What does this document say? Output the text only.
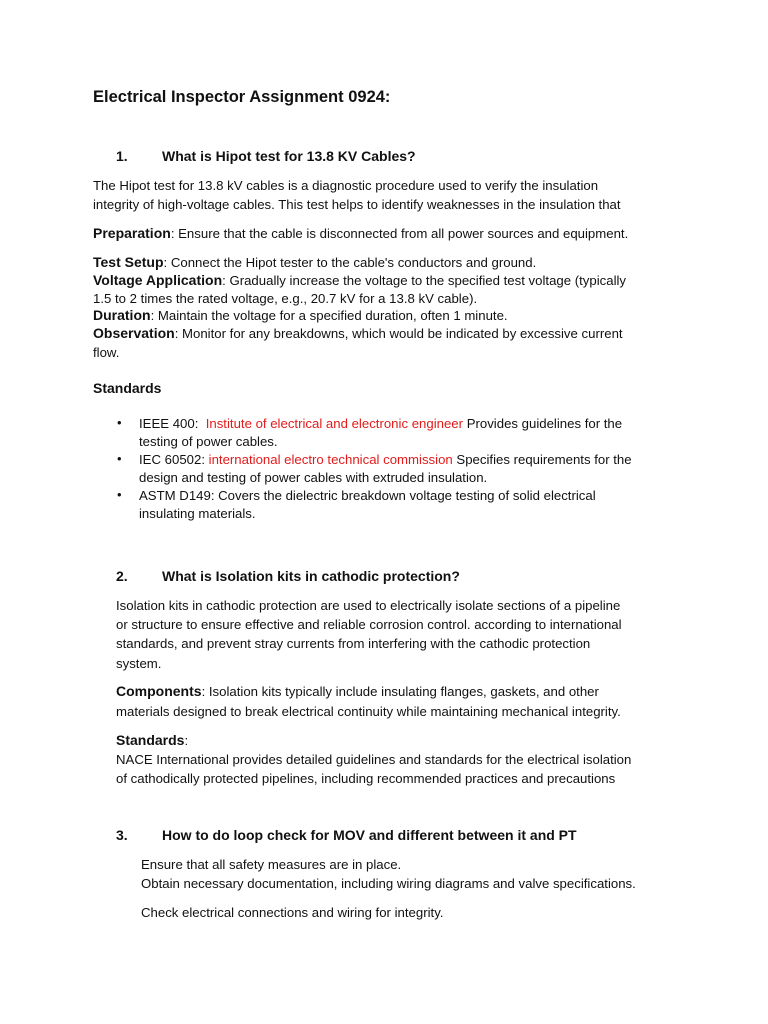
Electrical Inspector Assignment 0924:
1. What is Hipot test for 13.8 KV Cables?
The Hipot test for 13.8 kV cables is a diagnostic procedure used to verify the insulation
integrity of high-voltage cables. This test helps to identify weaknesses in the insulation that
Preparation: Ensure that the cable is disconnected from all power sources and equipment.
Test Setup: Connect the Hipot tester to the cable's conductors and ground.
Voltage Application: Gradually increase the voltage to the specified test voltage (typically
1.5 to 2 times the rated voltage, e.g., 20.7 kV for a 13.8 kV cable).
Duration: Maintain the voltage for a specified duration, often 1 minute.
Observation: Monitor for any breakdowns, which would be indicated by excessive current
flow.
Standards
• IEEE 400:  Institute of electrical and electronic engineer Provides guidelines for the
testing of power cables.
• IEC 60502: international electro technical commission Specifies requirements for the
design and testing of power cables with extruded insulation.
• ASTM D149: Covers the dielectric breakdown voltage testing of solid electrical
insulating materials.
2. What is Isolation kits in cathodic protection?
Isolation kits in cathodic protection are used to electrically isolate sections of a pipeline
or structure to ensure effective and reliable corrosion control. according to international
standards, and prevent stray currents from interfering with the cathodic protection
system.
Components: Isolation kits typically include insulating flanges, gaskets, and other
materials designed to break electrical continuity while maintaining mechanical integrity.
Standards:
NACE International provides detailed guidelines and standards for the electrical isolation
of cathodically protected pipelines, including recommended practices and precautions
3. How to do loop check for MOV and different between it and PT
Ensure that all safety measures are in place.
Obtain necessary documentation, including wiring diagrams and valve specifications.
Check electrical connections and wiring for integrity.
